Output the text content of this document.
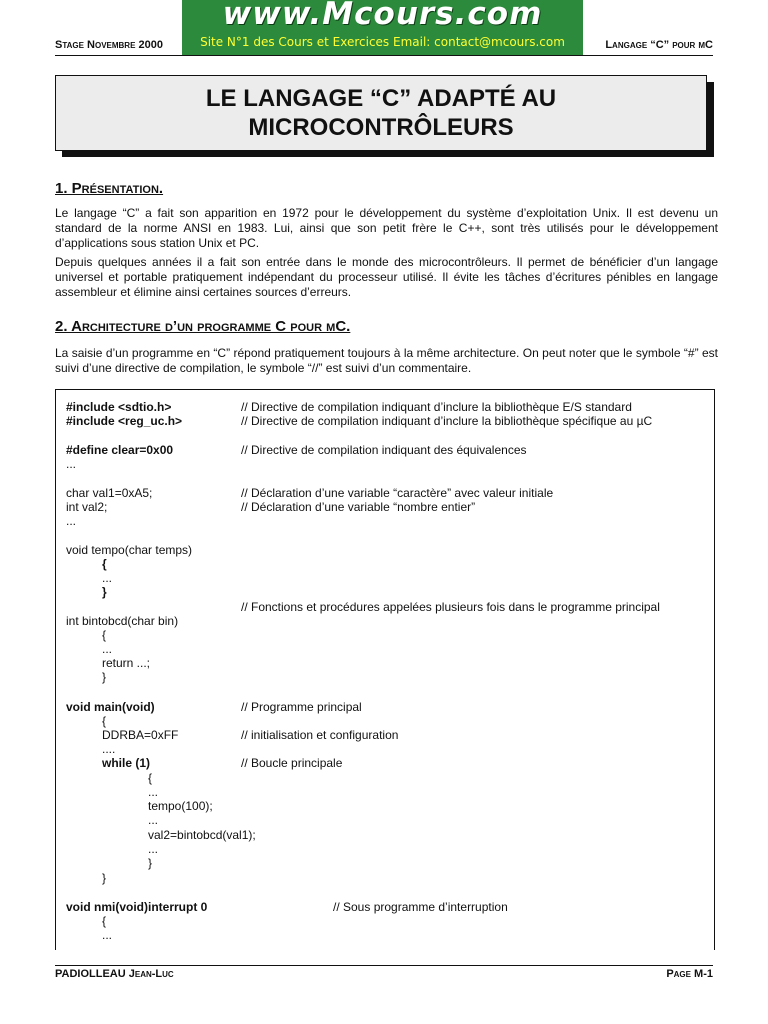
www.Mcours.com
Site N°1 des Cours et Exercices Email: contact@mcours.com
Stage Novembre 2000	Langage “C” pour µC
LE LANGAGE “C” ADAPTÉ AU
MICROCONTRÔLEURS
1. Présentation.

Le langage “C” a fait son apparition en 1972 pour le développement du système d’exploitation Unix. Il est devenu un standard de la norme ANSI en 1983. Lui, ainsi que son petit frère le C++, sont très utilisés pour le développement d’applications sous station Unix et PC.

Depuis quelques années il a fait son entrée dans le monde des microcontrôleurs. Il permet de bénéficier d’un langage universel et portable pratiquement indépendant du processeur utilisé. Il évite les tâches d’écritures pénibles en langage assembleur et élimine ainsi certaines sources d’erreurs.

2. Architecture d’un programme C pour µC.

La saisie d’un programme en “C” répond pratiquement toujours à la même architecture. On peut noter que le symbole “#” est suivi d’une directive de compilation, le symbole “//” est suivi d’un commentaire.

#include <sdtio.h>
#include <reg_uc.h>
#define clear=0x00
...
char val1=0xA5;
int val2;
...
void tempo(char temps)
{
...
}
int bintobcd(char bin)
{
...
return ...;
}
void main(void)
{
DDRBA=0xFF
....
while (1)
{
...
tempo(100);
...
val2=bintobcd(val1);
...
}
}
void nmi(void)interrupt 0
{
...
// Directive de compilation indiquant d’inclure la bibliothèque E/S standard
// Directive de compilation indiquant d’inclure la bibliothèque spécifique au µC
// Directive de compilation indiquant des équivalences
// Déclaration d’une variable “caractère” avec valeur initiale
// Déclaration d’une variable “nombre entier”
// Fonctions et procédures appelées plusieurs fois dans le programme principal
// Programme principal
// initialisation et configuration
// Boucle principale
// Sous programme d’interruption
PADIOLLEAU Jean-Luc	Page M-1
